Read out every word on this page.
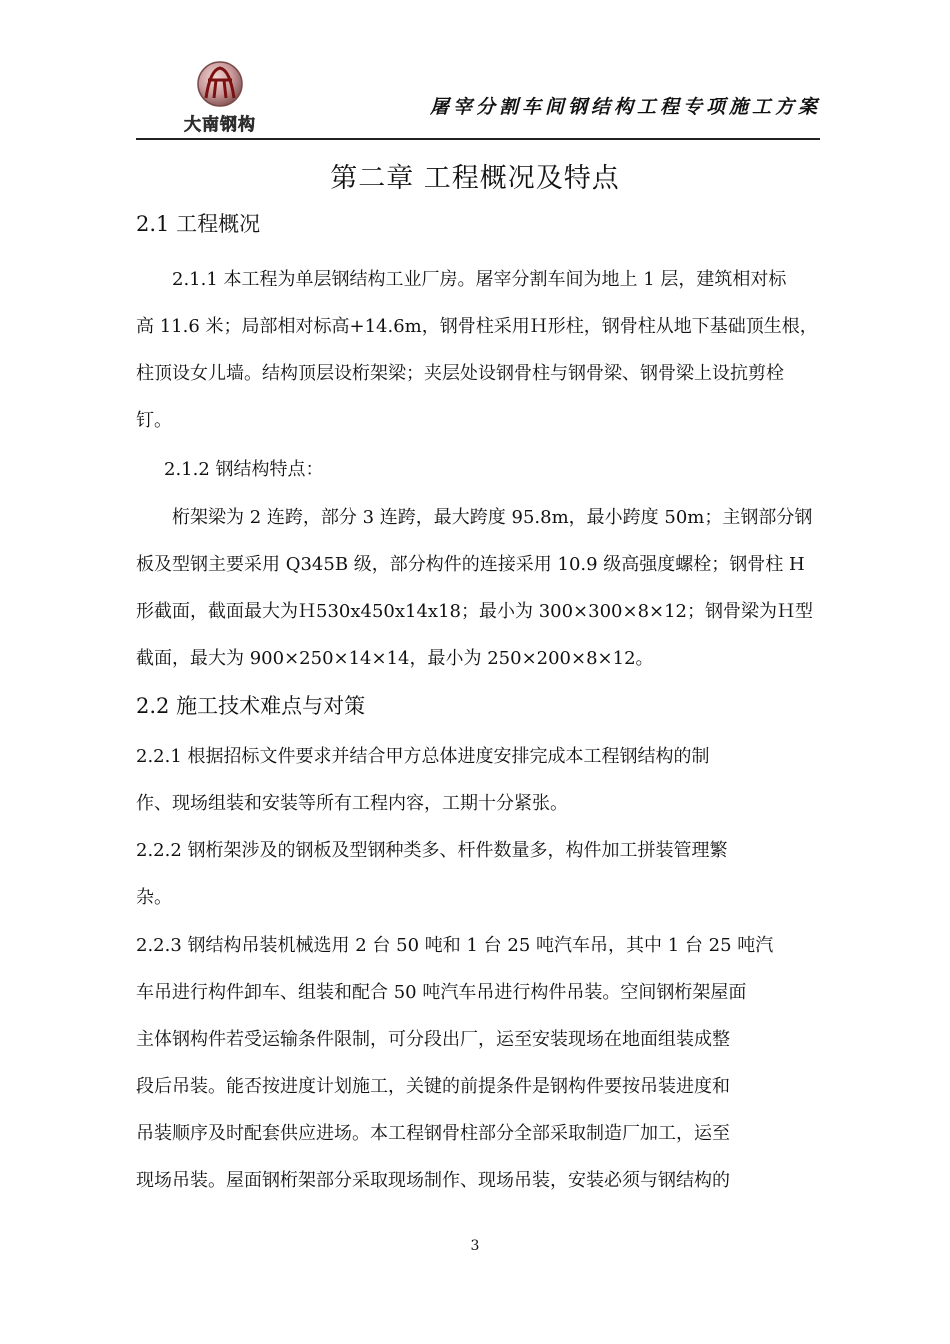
大南钢构
屠宰分割车间钢结构工程专项施工方案
第二章 工程概况及特点
2.1 工程概况
2.1.1 本工程为单层钢结构工业厂房。屠宰分割车间为地上 1 层，建筑相对标
高 11.6 米；局部相对标高+14.6m，钢骨柱采用Ｈ形柱，钢骨柱从地下基础顶生根，
柱顶设女儿墙。结构顶层设桁架梁；夹层处设钢骨柱与钢骨梁、钢骨梁上设抗剪栓
钉。
2.1.2 钢结构特点：
桁架梁为 2 连跨，部分 3 连跨，最大跨度 95.8m，最小跨度 50m；主钢部分钢
板及型钢主要采用 Q345B 级，部分构件的连接采用 10.9 级高强度螺栓；钢骨柱 H
形截面，截面最大为Ｈ530x450x14x18；最小为 300×300×8×12；钢骨梁为Ｈ型
截面，最大为 900×250×14×14，最小为 250×200×8×12。
2.2 施工技术难点与对策
2.2.1 根据招标文件要求并结合甲方总体进度安排完成本工程钢结构的制
作、现场组装和安装等所有工程内容，工期十分紧张。
2.2.2 钢桁架涉及的钢板及型钢种类多、杆件数量多，构件加工拼装管理繁
杂。
2.2.3 钢结构吊装机械选用 2 台 50 吨和 1 台 25 吨汽车吊，其中 1 台 25 吨汽
车吊进行构件卸车、组装和配合 50 吨汽车吊进行构件吊装。空间钢桁架屋面
主体钢构件若受运输条件限制，可分段出厂，运至安装现场在地面组装成整
段后吊装。能否按进度计划施工，关键的前提条件是钢构件要按吊装进度和
吊装顺序及时配套供应进场。本工程钢骨柱部分全部采取制造厂加工，运至
现场吊装。屋面钢桁架部分采取现场制作、现场吊装，安装必须与钢结构的
3
